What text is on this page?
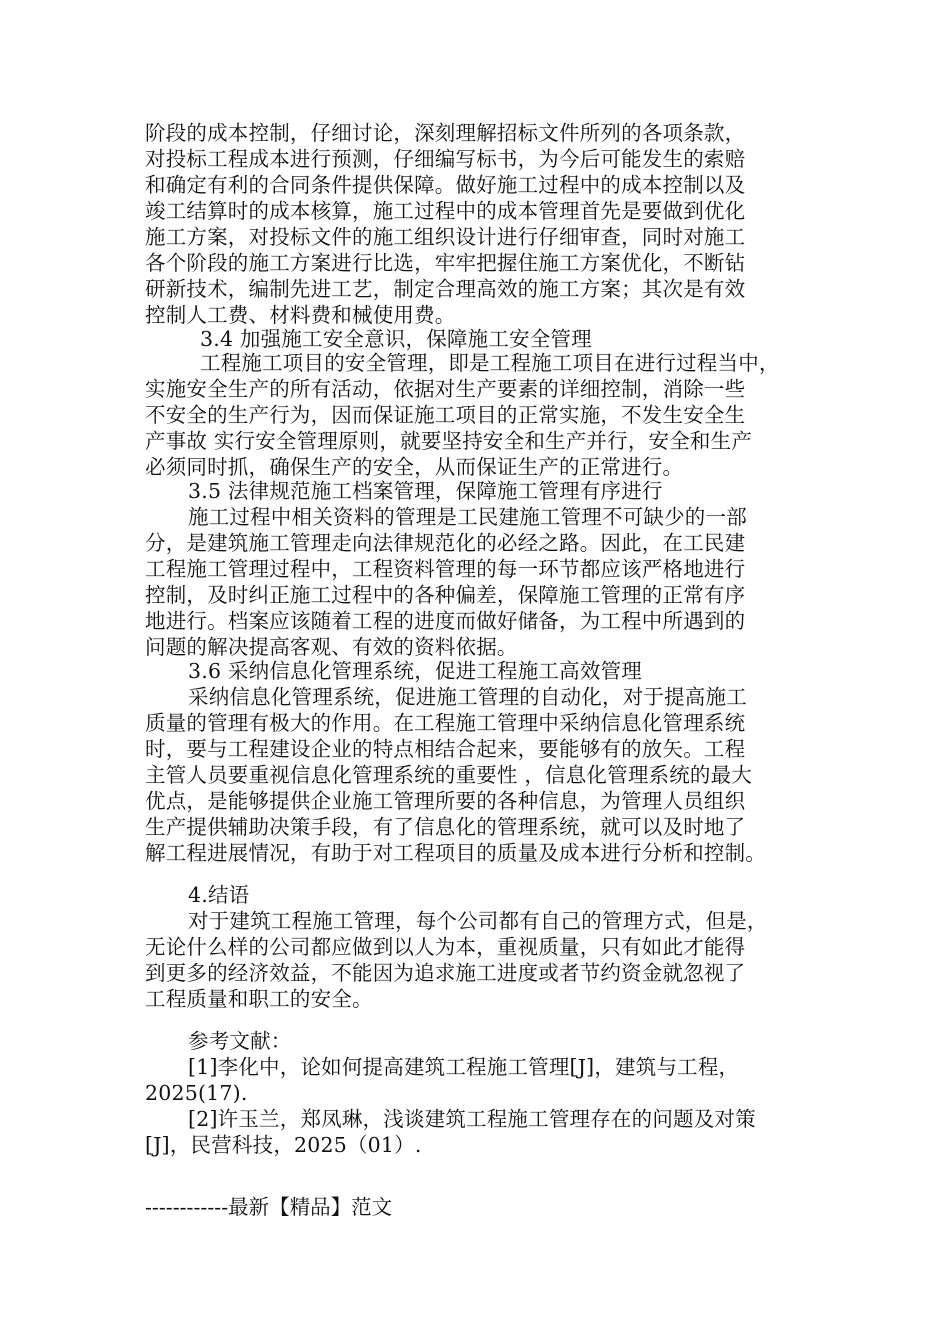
阶段的成本控制，仔细讨论，深刻理解招标文件所列的各项条款，
对投标工程成本进行预测，仔细编写标书，为今后可能发生的索赔
和确定有利的合同条件提供保障。做好施工过程中的成本控制以及
竣工结算时的成本核算，施工过程中的成本管理首先是要做到优化
施工方案，对投标文件的施工组织设计进行仔细审查，同时对施工
各个阶段的施工方案进行比选，牢牢把握住施工方案优化，不断钻
研新技术，编制先进工艺，制定合理高效的施工方案；其次是有效
控制人工费、材料费和械使用费。
3.4 加强施工安全意识，保障施工安全管理
工程施工项目的安全管理，即是工程施工项目在进行过程当中，
实施安全生产的所有活动，依据对生产要素的详细控制，消除一些
不安全的生产行为，因而保证施工项目的正常实施，不发生安全生
产事故 实行安全管理原则，就要坚持安全和生产并行，安全和生产
必须同时抓，确保生产的安全，从而保证生产的正常进行。
3.5 法律规范施工档案管理，保障施工管理有序进行
施工过程中相关资料的管理是工民建施工管理不可缺少的一部
分，是建筑施工管理走向法律规范化的必经之路。因此，在工民建
工程施工管理过程中，工程资料管理的每一环节都应该严格地进行
控制，及时纠正施工过程中的各种偏差，保障施工管理的正常有序
地进行。档案应该随着工程的进度而做好储备，为工程中所遇到的
问题的解决提高客观、有效的资料依据。
3.6 采纳信息化管理系统，促进工程施工高效管理
采纳信息化管理系统，促进施工管理的自动化，对于提高施工
质量的管理有极大的作用。在工程施工管理中采纳信息化管理系统
时，要与工程建设企业的特点相结合起来，要能够有的放矢。工程
主管人员要重视信息化管理系统的重要性 ，信息化管理系统的最大
优点，是能够提供企业施工管理所要的各种信息，为管理人员组织
生产提供辅助决策手段，有了信息化的管理系统，就可以及时地了
解工程进展情况，有助于对工程项目的质量及成本进行分析和控制。
4.结语
对于建筑工程施工管理，每个公司都有自己的管理方式，但是，
无论什么样的公司都应做到以人为本，重视质量，只有如此才能得
到更多的经济效益，不能因为追求施工进度或者节约资金就忽视了
工程质量和职工的安全。
参考文献：
[1]李化中，论如何提高建筑工程施工管理[J]，建筑与工程，
2025(17).
[2]许玉兰，郑凤琳，浅谈建筑工程施工管理存在的问题及对策
[J]，民营科技，2025（01）.
------------最新【精品】范文
